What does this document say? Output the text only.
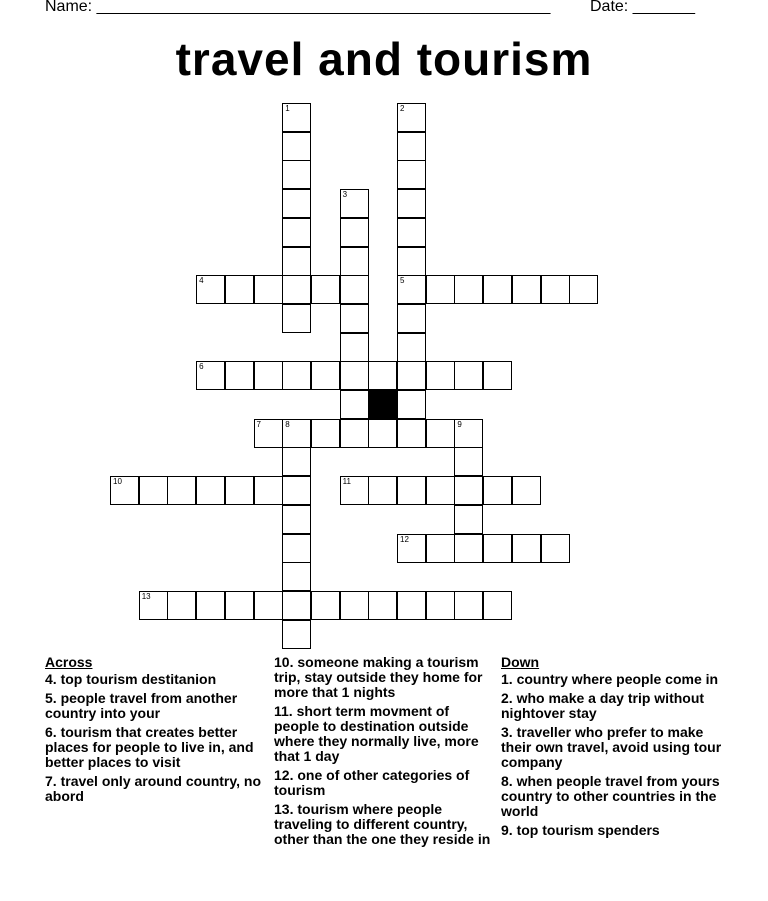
Name: ___________________________________________________ Date: _______
travel and tourism
1	2
5
3
4
6
7	8	9
10	11
12
13
Across
4. top tourism destitanion
5. people travel from another country into your
6. tourism that creates better places for people to live in, and better places to visit
7. travel only around country, no abord
10. someone making a tourism trip, stay outside they home for more that 1 nights
11. short term movment of people to destination outside where they normally live, more that 1 day
12. one of other categories of tourism
13. tourism where people traveling to different country, other than the one they reside in
Down
1. country where people come in
2. who make a day trip without nightover stay
3. traveller who prefer to make their own travel, avoid using tour company
8. when people travel from yours country to other countries in the world
9. top tourism spenders
